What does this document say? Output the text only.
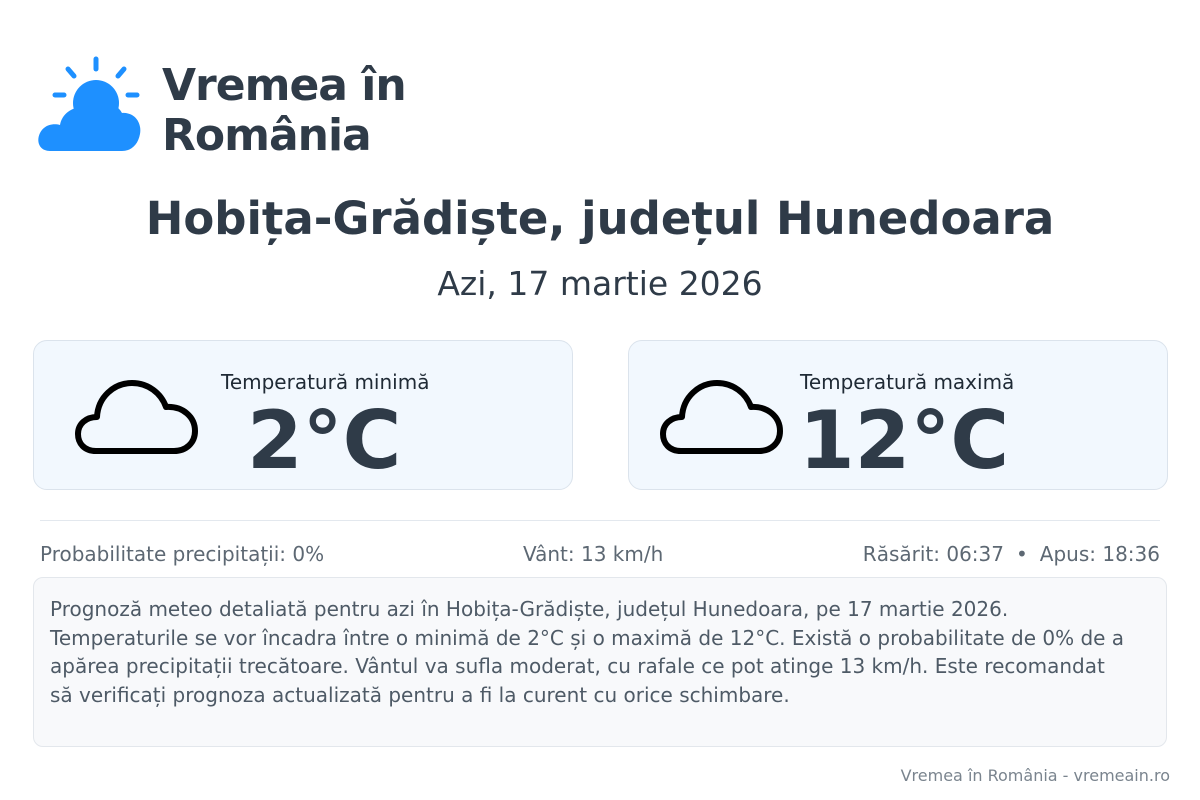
Vremea în
România
Hobița-Grădiște, județul Hunedoara
Azi, 17 martie 2026
Temperatură minimă
2°C
Temperatură maximă
12°C
Probabilitate precipitații: 0%	Vânt: 13 km/h	Răsărit: 06:37 • Apus: 18:36
Prognoză meteo detaliată pentru azi în Hobița-Grădiște, județul Hunedoara, pe 17 martie 2026. Temperaturile se vor încadra între o minimă de 2°C și o maximă de 12°C. Există o probabilitate de 0% de a apărea precipitații trecătoare. Vântul va sufla moderat, cu rafale ce pot atinge 13 km/h. Este recomandat să verificați prognoza actualizată pentru a fi la curent cu orice schimbare.
Vremea în România - vremeain.ro
